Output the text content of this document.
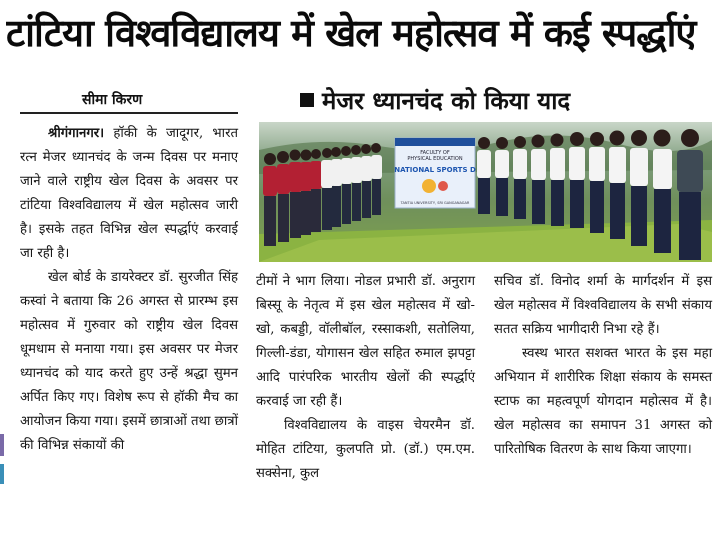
टांटिया विश्वविद्यालय में खेल महोत्सव में कई स्पर्द्धाएं
सीमा किरण	मेजर ध्यानचंद को किया याद

श्रीगंगानगर। हॉकी के जादूगर, भारत रत्न मेजर ध्यानचंद के जन्म दिवस पर मनाए जाने वाले राष्ट्रीय खेल दिवस के अवसर पर टांटिया विश्वविद्यालय में खेल महोत्सव जारी है। इसके तहत विभिन्न खेल स्पर्द्धाएं करवाई जा रही है।

खेल बोर्ड के डायरेक्टर डॉ. सुरजीत सिंह कस्वां ने बताया कि 26 अगस्त से प्रारम्भ इस महोत्सव में गुरुवार को राष्ट्रीय खेल दिवस धूमधाम से मनाया गया। इस अवसर पर मेजर ध्यानचंद को याद करते हुए उन्हें श्रद्धा सुमन अर्पित किए गए। विशेष रूप से हॉकी मैच का आयोजन किया गया। इसमें छात्राओं तथा छात्रों की विभिन्न संकायों की

FACULTY OF
PHYSICAL EDUCATION
NATIONAL SPORTS D
TANTIA UNIVERSITY, SRI GANGANAGAR

टीमों ने भाग लिया। नोडल प्रभारी डॉ. अनुराग बिस्सू के नेतृत्व में इस खेल महोत्सव में खो-खो, कबड्डी, वॉलीबॉल, रस्साकशी, सतोलिया, गिल्ली-डंडा, योगासन खेल सहित रुमाल झपट्टा आदि पारंपरिक भारतीय खेलों की स्पर्द्धाएं करवाई जा रही हैं।

विश्वविद्यालय के वाइस चेयरमैन डॉ. मोहित टांटिया, कुलपति प्रो. (डॉ.) एम.एम. सक्सेना, कुल

सचिव डॉ. विनोद शर्मा के मार्गदर्शन में इस खेल महोत्सव में विश्वविद्यालय के सभी संकाय सतत सक्रिय भागीदारी निभा रहे हैं।

स्वस्थ भारत सशक्त भारत के इस महा अभियान में शारीरिक शिक्षा संकाय के समस्त स्टाफ का महत्वपूर्ण योगदान महोत्सव में है। खेल महोत्सव का समापन 31 अगस्त को पारितोषिक वितरण के साथ किया जाएगा।
